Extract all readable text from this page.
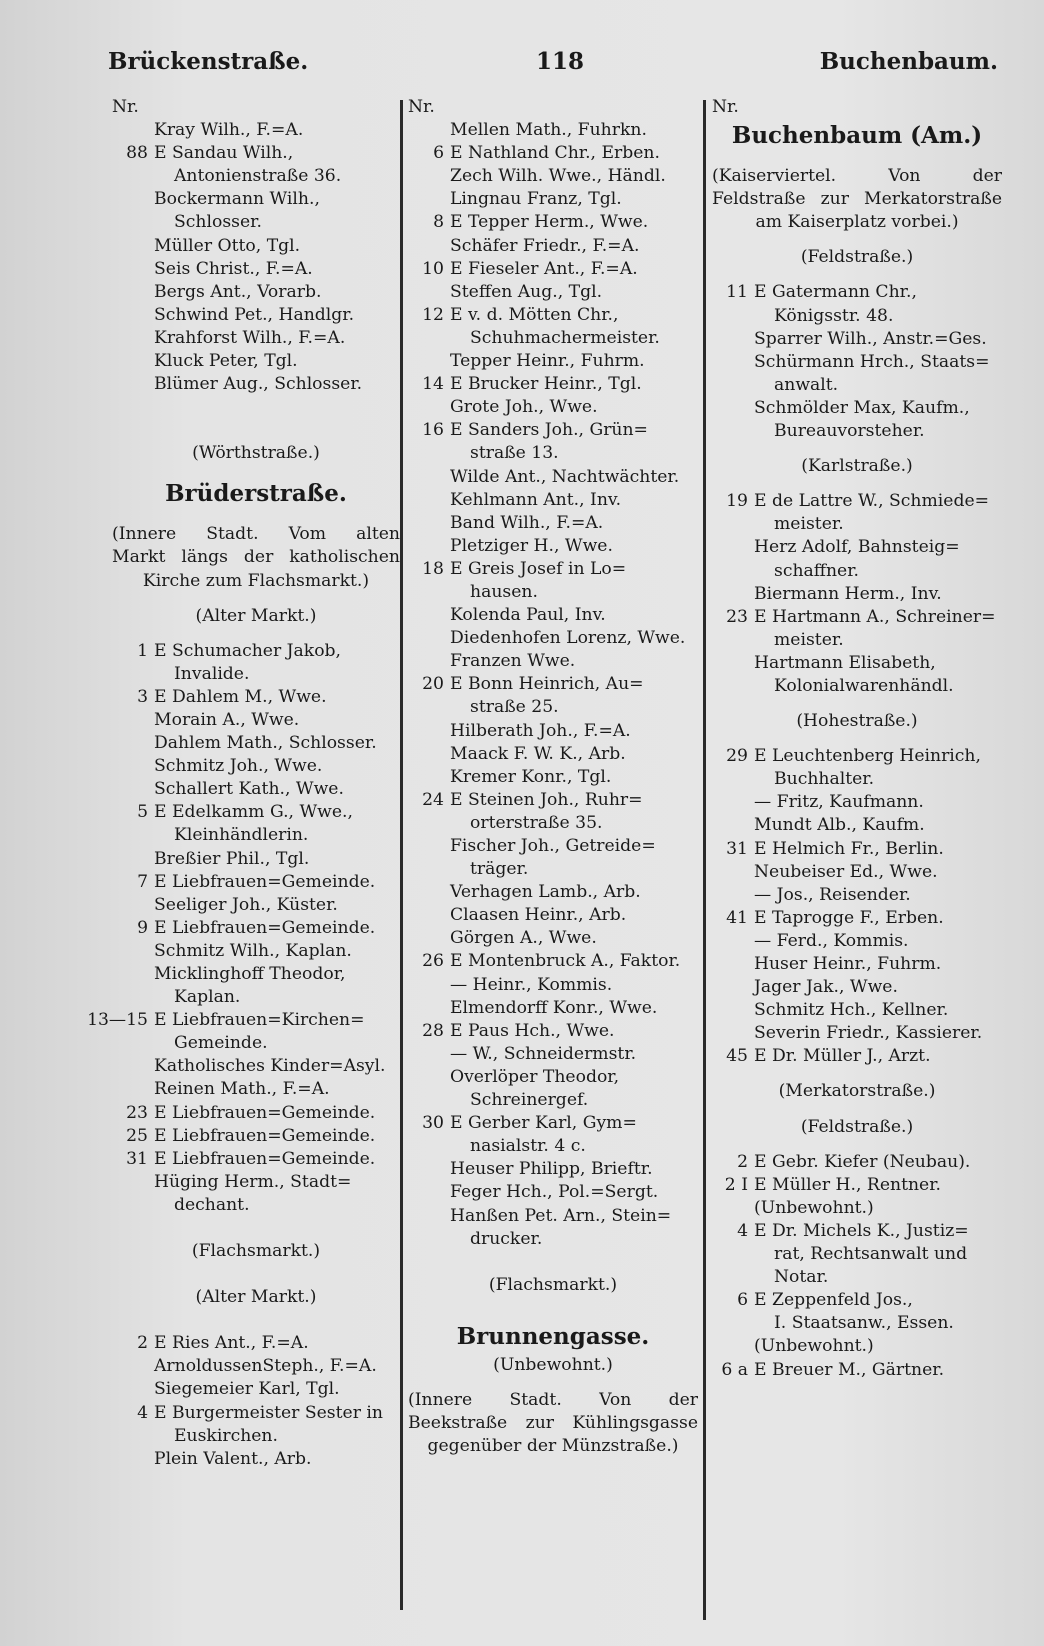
Brückenstraße.	118	Buchenbaum.
Nr.
Kray Wilh., F.=A.
88 E Sandau Wilh.,
Antonienstraße 36.
Bockermann Wilh.,
Schlosser.
Müller Otto, Tgl.
Seis Christ., F.=A.
Bergs Ant., Vorarb.
Schwind Pet., Handlgr.
Krahforst Wilh., F.=A.
Kluck Peter, Tgl.
Blümer Aug., Schlosser.
(Wörthstraße.)
Brüderstraße.
(Innere Stadt. Vom alten
Markt längs der katholischen
Kirche zum Flachsmarkt.)
(Alter Markt.)
1 E Schumacher Jakob,
Invalide.
3 E Dahlem M., Wwe.
Morain A., Wwe.
Dahlem Math., Schlosser.
Schmitz Joh., Wwe.
Schallert Kath., Wwe.
5 E Edelkamm G., Wwe.,
Kleinhändlerin.
Breßier Phil., Tgl.
7 E Liebfrauen=Gemeinde.
Seeliger Joh., Küster.
9 E Liebfrauen=Gemeinde.
Schmitz Wilh., Kaplan.
Micklinghoff Theodor,
Kaplan.
13—15 E Liebfrauen=Kirchen=
Gemeinde.
Katholisches Kinder=Asyl.
Reinen Math., F.=A.
23 E Liebfrauen=Gemeinde.
25 E Liebfrauen=Gemeinde.
31 E Liebfrauen=Gemeinde.
Hüging Herm., Stadt=
dechant.
(Flachsmarkt.)
(Alter Markt.)
2 E Ries Ant., F.=A.
ArnoldussenSteph., F.=A.
Siegemeier Karl, Tgl.
4 E Burgermeister Sester in
Euskirchen.
Plein Valent., Arb.
Nr.
Mellen Math., Fuhrkn.
6 E Nathland Chr., Erben.
Zech Wilh. Wwe., Händl.
Lingnau Franz, Tgl.
8 E Tepper Herm., Wwe.
Schäfer Friedr., F.=A.
10 E Fieseler Ant., F.=A.
Steffen Aug., Tgl.
12 E v. d. Mötten Chr.,
Schuhmachermeister.
Tepper Heinr., Fuhrm.
14 E Brucker Heinr., Tgl.
Grote Joh., Wwe.
16 E Sanders Joh., Grün=
straße 13.
Wilde Ant., Nachtwächter.
Kehlmann Ant., Inv.
Band Wilh., F.=A.
Pletziger H., Wwe.
18 E Greis Josef in Lo=
hausen.
Kolenda Paul, Inv.
Diedenhofen Lorenz, Wwe.
Franzen Wwe.
20 E Bonn Heinrich, Au=
straße 25.
Hilberath Joh., F.=A.
Maack F. W. K., Arb.
Kremer Konr., Tgl.
24 E Steinen Joh., Ruhr=
orterstraße 35.
Fischer Joh., Getreide=
träger.
Verhagen Lamb., Arb.
Claasen Heinr., Arb.
Görgen A., Wwe.
26 E Montenbruck A., Faktor.
— Heinr., Kommis.
Elmendorff Konr., Wwe.
28 E Paus Hch., Wwe.
— W., Schneidermstr.
Overlöper Theodor,
Schreinergef.
30 E Gerber Karl, Gym=
nasialstr. 4 c.
Heuser Philipp, Brieftr.
Feger Hch., Pol.=Sergt.
Hanßen Pet. Arn., Stein=
drucker.
(Flachsmarkt.)
Brunnengasse.
(Unbewohnt.)
(Innere Stadt. Von der
Beekstraße zur Kühlingsgasse
gegenüber der Münzstraße.)
Nr.
Buchenbaum (Am.)
(Kaiserviertel. Von der
Feldstraße zur Merkatorstraße
am Kaiserplatz vorbei.)
(Feldstraße.)
11 E Gatermann Chr.,
Königsstr. 48.
Sparrer Wilh., Anstr.=Ges.
Schürmann Hrch., Staats=
anwalt.
Schmölder Max, Kaufm.,
Bureauvorsteher.
(Karlstraße.)
19 E de Lattre W., Schmiede=
meister.
Herz Adolf, Bahnsteig=
schaffner.
Biermann Herm., Inv.
23 E Hartmann A., Schreiner=
meister.
Hartmann Elisabeth,
Kolonialwarenhändl.
(Hohestraße.)
29 E Leuchtenberg Heinrich,
Buchhalter.
— Fritz, Kaufmann.
Mundt Alb., Kaufm.
31 E Helmich Fr., Berlin.
Neubeiser Ed., Wwe.
— Jos., Reisender.
41 E Taprogge F., Erben.
— Ferd., Kommis.
Huser Heinr., Fuhrm.
Jager Jak., Wwe.
Schmitz Hch., Kellner.
Severin Friedr., Kassierer.
45 E Dr. Müller J., Arzt.
(Merkatorstraße.)
(Feldstraße.)
2 E Gebr. Kiefer (Neubau).
2 I E Müller H., Rentner.
(Unbewohnt.)
4 E Dr. Michels K., Justiz=
rat, Rechtsanwalt und
Notar.
6 E Zeppenfeld Jos.,
I. Staatsanw., Essen.
(Unbewohnt.)
6 a E Breuer M., Gärtner.
